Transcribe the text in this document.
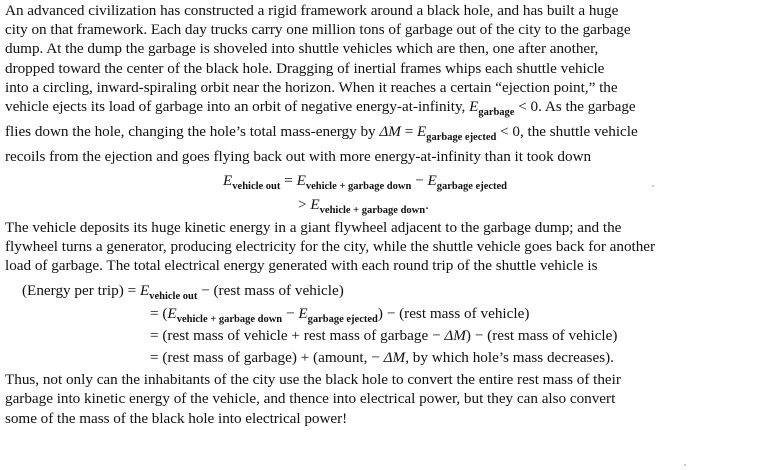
An advanced civilization has constructed a rigid framework around a black hole, and has built a huge
city on that framework. Each day trucks carry one million tons of garbage out of the city to the garbage
dump. At the dump the garbage is shoveled into shuttle vehicles which are then, one after another,
dropped toward the center of the black hole. Dragging of inertial frames whips each shuttle vehicle
into a circling, inward-spiraling orbit near the horizon. When it reaches a certain “ejection point,” the
vehicle ejects its load of garbage into an orbit of negative energy-at-infinity, $E_{garbage} < 0$. As the garbage
flies down the hole, changing the hole’s total mass-energy by $\Delta M = E_{garbage ejected} < 0$, the shuttle vehicle
recoils from the ejection and goes flying back out with more energy-at-infinity than it took down

$E_{vehicle out} = E_{vehicle + garbage down} - E_{garbage ejected}$
> $E_{vehicle + garbage down}$.

The vehicle deposits its huge kinetic energy in a giant flywheel adjacent to the garbage dump; and the
flywheel turns a generator, producing electricity for the city, while the shuttle vehicle goes back for another
load of garbage. The total electrical energy generated with each round trip of the shuttle vehicle is

(Energy per trip) = $E_{vehicle out}$ − (rest mass of vehicle)
= $(E_{vehicle + garbage down} - E_{garbage ejected})$ − (rest mass of vehicle)
= (rest mass of vehicle + rest mass of garbage − ΔM) − (rest mass of vehicle)
= (rest mass of garbage) + (amount, − ΔM, by which hole’s mass decreases).

Thus, not only can the inhabitants of the city use the black hole to convert the entire rest mass of their
garbage into kinetic energy of the vehicle, and thence into electrical power, but they can also convert
some of the mass of the black hole into electrical power!
